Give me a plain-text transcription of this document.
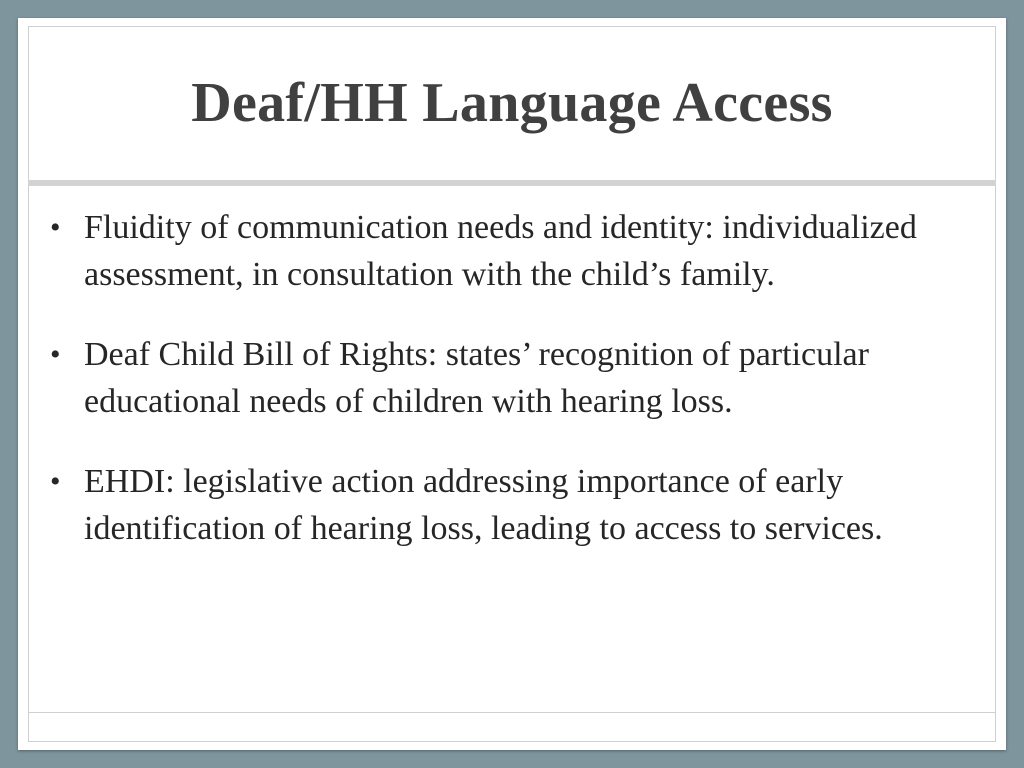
Deaf/HH Language Access
• Fluidity of communication needs and identity: individualized assessment, in consultation with the child’s family.
• Deaf Child Bill of Rights: states’ recognition of particular educational needs of children with hearing loss.
• EHDI: legislative action addressing importance of early identification of hearing loss, leading to access to services.
